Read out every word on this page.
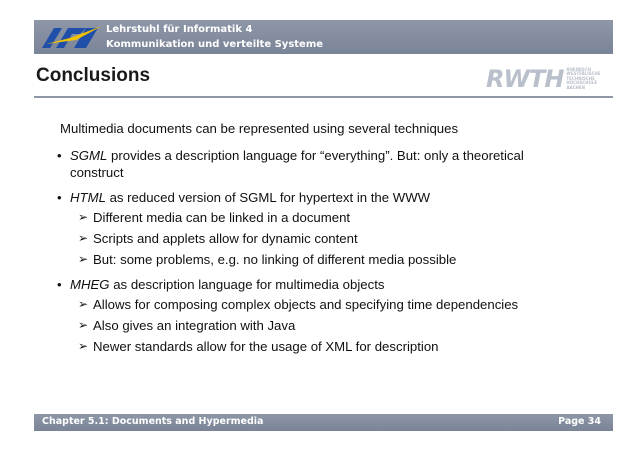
Lehrstuhl für Informatik 4
Kommunikation und verteilte Systeme
Conclusions	RWTH RHEINISCH
WESTFÄLISCHE
TECHNISCHE
HOCHSCHULE
AACHEN
Multimedia documents can be represented using several techniques
• SGML provides a description language for “everything”. But: only a theoretical construct
• HTML as reduced version of SGML for hypertext in the WWW
➢ Different media can be linked in a document
➢ Scripts and applets allow for dynamic content
➢ But: some problems, e.g. no linking of different media possible
• MHEG as description language for multimedia objects
➢ Allows for composing complex objects and specifying time dependencies
➢ Also gives an integration with Java
➢ Newer standards allow for the usage of XML for description
Chapter 5.1: Documents and Hypermedia	Page 34
